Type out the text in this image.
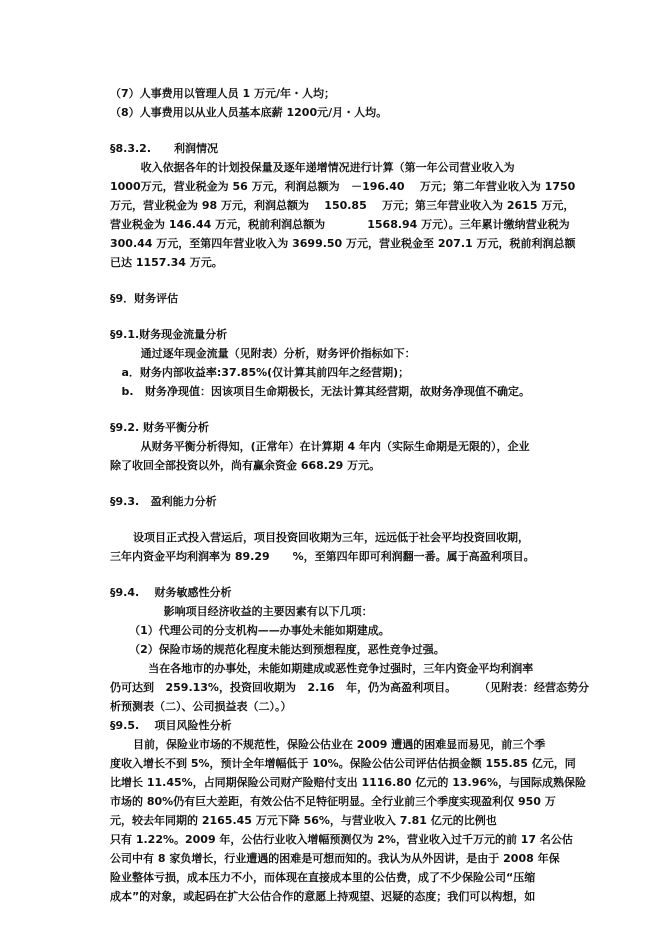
（7）人事费用以管理人员 1 万元/年・人均；
（8）人事费用以从业人员基本底薪 1200元/月・人均。
§8.3.2.      利润情况
收入依据各年的计划投保量及逐年递增情况进行计算（第一年公司营业收入为
1000万元，营业税金为 56 万元，利润总额为   －196.40    万元；第二年营业收入为 1750
万元，营业税金为 98 万元，利润总额为    150.85    万元；第三年营业收入为 2615 万元，
营业税金为 146.44 万元，税前利润总额为           1568.94 万元）。三年累计缴纳营业税为
300.44 万元，至第四年营业收入为 3699.50 万元，营业税金至 207.1 万元，税前利润总额
已达 1157.34 万元。
§9．财务评估
§9.1.财务现金流量分析
通过逐年现金流量（见附表）分析，财务评价指标如下：
a．财务内部收益率:37.85%(仅计算其前四年之经营期)；
b.   财务净现值：因该项目生命期极长，无法计算其经营期，故财务净现值不确定。
§9.2. 财务平衡分析
从财务平衡分析得知，(正常年）在计算期 4 年内（实际生命期是无限的），企业
除了收回全部投资以外，尚有赢余资金 668.29 万元。
§9.3.   盈利能力分析
设项目正式投入营运后，项目投资回收期为三年，远远低于社会平均投资回收期，
三年内资金平均利润率为 89.29      %，至第四年即可利润翻一番。属于高盈利项目。
§9.4.    财务敏感性分析
影响项目经济收益的主要因素有以下几项：
（1）代理公司的分支机构——办事处未能如期建成。
（2）保险市场的规范化程度未能达到预想程度，恶性竞争过强。
当在各地市的办事处，未能如期建成或恶性竞争过强时，三年内资金平均利润率
仍可达到   259.13%，投资回收期为   2.16   年，仍为高盈利项目。      （见附表：经营态势分
析预测表（二）、公司损益表（二）。）
§9.5.    项目风险性分析
目前，保险业市场的不规范性，保险公估业在 2009 遭遇的困难显而易见，前三个季
度收入增长不到 5%，预计全年增幅低于 10%。保险公估公司评估估损金额 155.85 亿元，同
比增长 11.45%，占同期保险公司财产险赔付支出 1116.80 亿元的 13.96%，与国际成熟保险
市场的 80%仍有巨大差距，有效公估不足特征明显。全行业前三个季度实现盈利仅 950 万
元，较去年同期的 2165.45 万元下降 56%，与营业收入 7.81 亿元的比例也
只有 1.22%。2009 年，公估行业收入增幅预测仅为 2%，营业收入过千万元的前 17 名公估
公司中有 8 家负增长，行业遭遇的困难是可想而知的。我认为从外因讲，是由于 2008 年保
险业整体亏损，成本压力不小，而体现在直接成本里的公估费，成了不少保险公司“压缩
成本”的对象，或起码在扩大公估合作的意愿上持观望、迟疑的态度；我们可以构想，如
